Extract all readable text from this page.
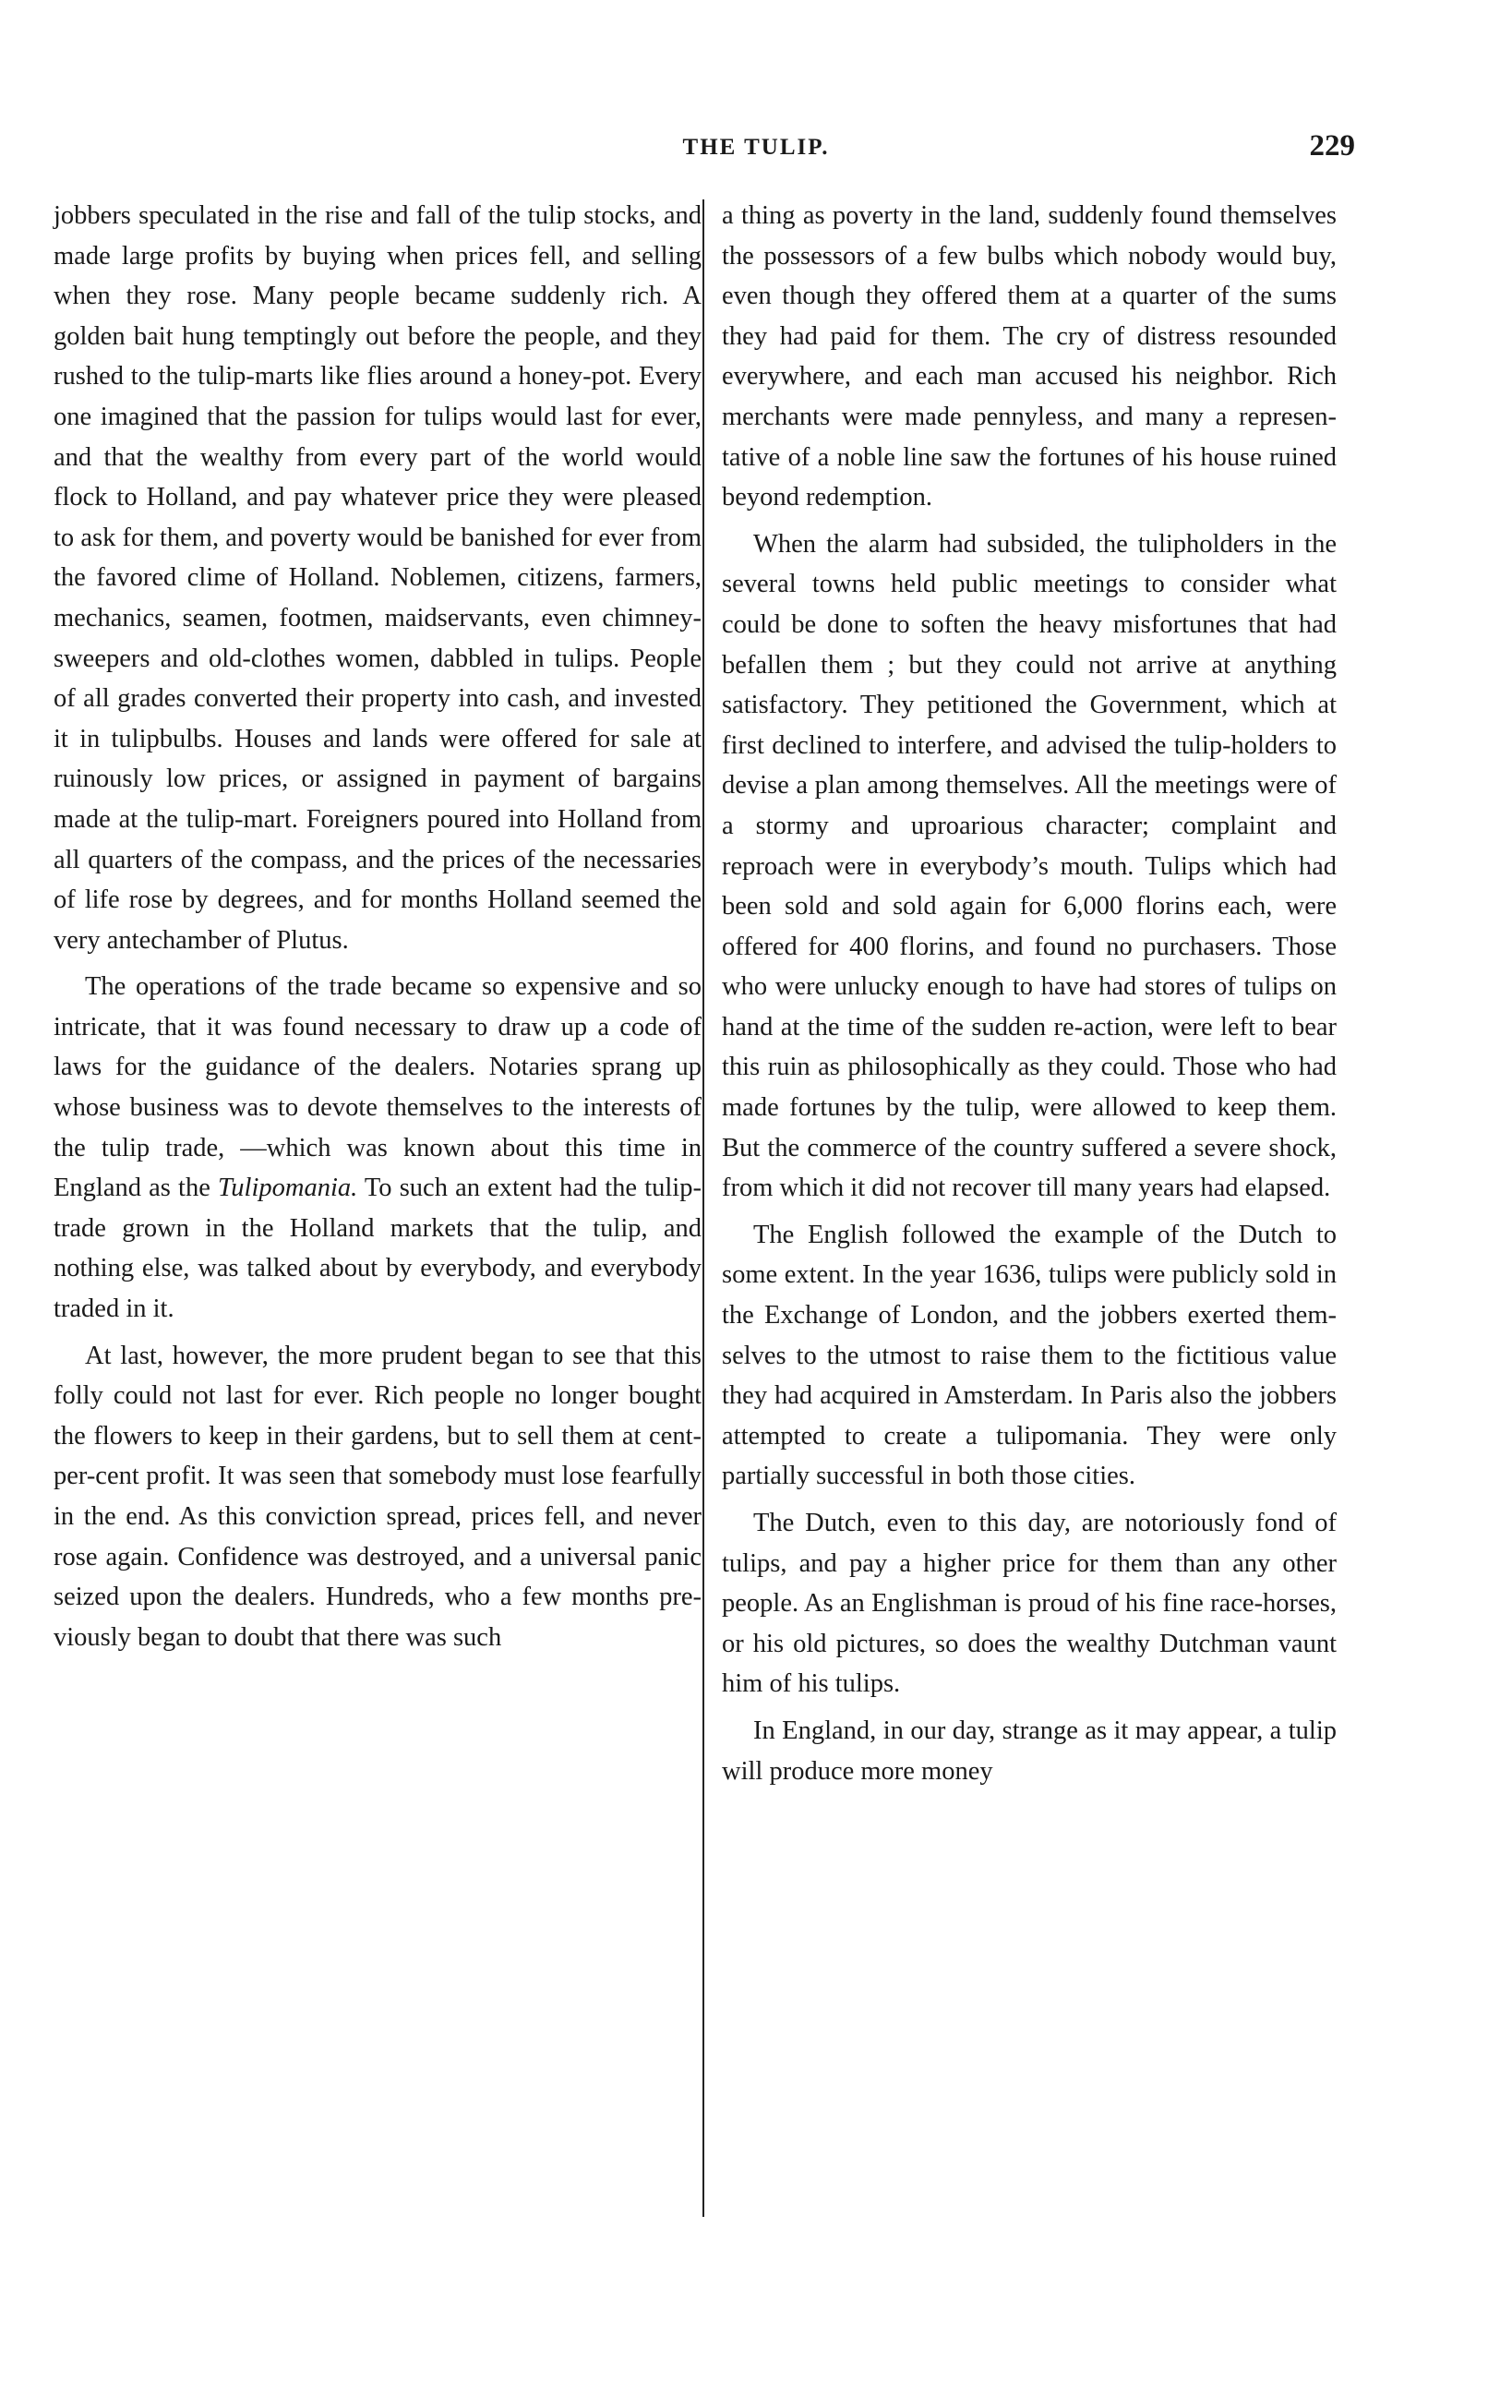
THE TULIP.	229

jobbers speculated in the rise and fall of the tulip stocks, and made large profits by buying when prices fell, and selling when they rose. Many people became suddenly rich. A golden bait hung temptingly out before the people, and they rushed to the tulip-marts like flies around a honey-pot. Every one imagined that the passion for tulips would last for ever, and that the wealthy from every part of the world would flock to Holland, and pay whatever price they were pleased to ask for them, and poverty would be banished for ever from the favored clime of Holland. Noblemen, citizens, farmers, mechanics, seamen, footmen, maidservants, even chimney-sweepers and old-clothes women, dabbled in tulips. People of all grades converted their property into cash, and invested it in tulipbulbs. Houses and lands were offered for sale at ruinously low prices, or assigned in payment of bargains made at the tulip-mart. Foreigners poured into Holland from all quarters of the compass, and the prices of the necessaries of life rose by degrees, and for months Holland seemed the very antechamber of Plutus.

The operations of the trade became so expensive and so intricate, that it was found necessary to draw up a code of laws for the guidance of the dealers. Notaries sprang up whose business was to devote themselves to the interests of the tulip trade, —which was known about this time in England as the Tulipomania. To such an extent had the tulip-trade grown in the Holland markets that the tulip, and nothing else, was talked about by everybody, and everybody traded in it.

At last, however, the more prudent began to see that this folly could not last for ever. Rich people no longer bought the flowers to keep in their gardens, but to sell them at cent-per-cent profit. It was seen that somebody must lose fearfully in the end. As this conviction spread, prices fell, and never rose again. Confidence was destroyed, and a universal panic seized upon the dealers. Hundreds, who a few months previously began to doubt that there was such

a thing as poverty in the land, suddenly found themselves the possessors of a few bulbs which nobody would buy, even though they offered them at a quarter of the sums they had paid for them. The cry of distress resounded everywhere, and each man accused his neighbor. Rich merchants were made pennyless, and many a representative of a noble line saw the fortunes of his house ruined beyond redemption.

When the alarm had subsided, the tulipholders in the several towns held public meetings to consider what could be done to soften the heavy misfortunes that had befallen them ; but they could not arrive at anything satisfactory. They petitioned the Government, which at first declined to interfere, and advised the tulip-holders to devise a plan among themselves. All the meetings were of a stormy and uproarious character; complaint and reproach were in everybody’s mouth. Tulips which had been sold and sold again for 6,000 florins each, were offered for 400 florins, and found no purchasers. Those who were unlucky enough to have had stores of tulips on hand at the time of the sudden re-action, were left to bear this ruin as philosophically as they could. Those who had made fortunes by the tulip, were allowed to keep them. But the commerce of the country suffered a severe shock, from which it did not recover till many years had elapsed.

The English followed the example of the Dutch to some extent. In the year 1636, tulips were publicly sold in the Exchange of London, and the jobbers exerted themselves to the utmost to raise them to the fictitious value they had acquired in Amsterdam. In Paris also the jobbers attempted to create a tulipomania. They were only partially successful in both those cities.

The Dutch, even to this day, are notoriously fond of tulips, and pay a higher price for them than any other people. As an Englishman is proud of his fine race-horses, or his old pictures, so does the wealthy Dutchman vaunt him of his tulips.

In England, in our day, strange as it may appear, a tulip will produce more money
